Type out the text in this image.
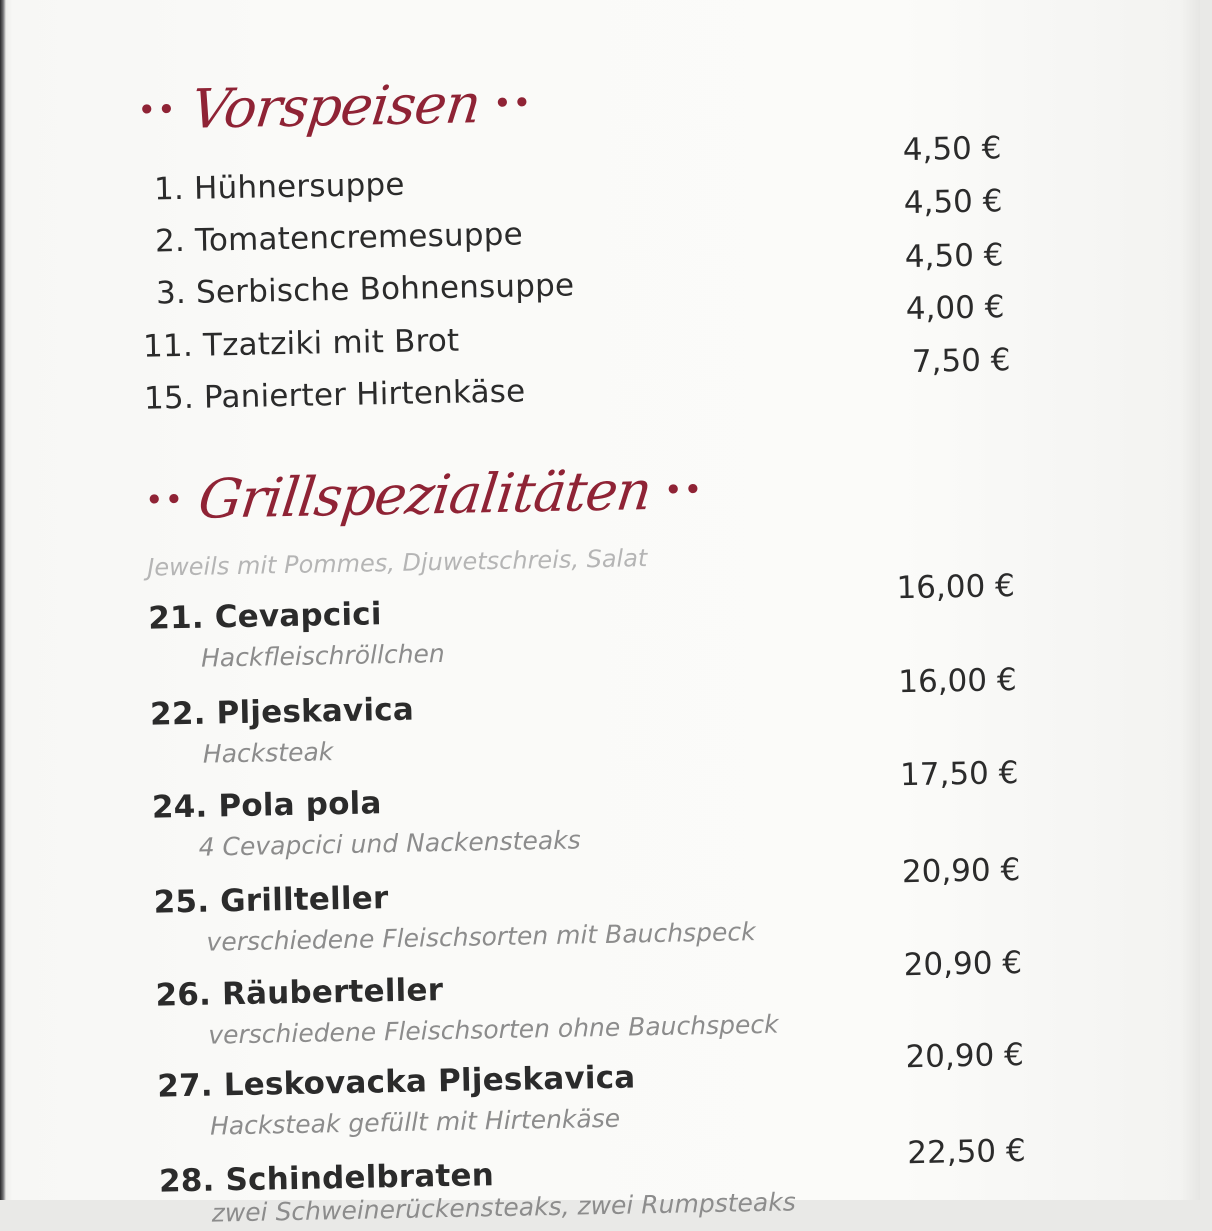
•• Vorspeisen ••
1. Hühnersuppe
4,50 €
2. Tomatencremesuppe
4,50 €
3. Serbische Bohnensuppe
4,50 €
11. Tzatziki mit Brot
4,00 €
15. Panierter Hirtenkäse
7,50 €
•• Grillspezialitäten ••
Jeweils mit Pommes, Djuwetschreis, Salat
21. Cevapcici
Hackfleischröllchen
16,00 €
22. Pljeskavica
Hacksteak
16,00 €
24. Pola pola
4 Cevapcici und Nackensteaks
17,50 €
25. Grillteller
verschiedene Fleischsorten mit Bauchspeck
20,90 €
26. Räuberteller
verschiedene Fleischsorten ohne Bauchspeck
20,90 €
27. Leskovacka Pljeskavica
Hacksteak gefüllt mit Hirtenkäse
20,90 €
28. Schindelbraten
zwei Schweinerückensteaks, zwei Rumpsteaks
22,50 €
